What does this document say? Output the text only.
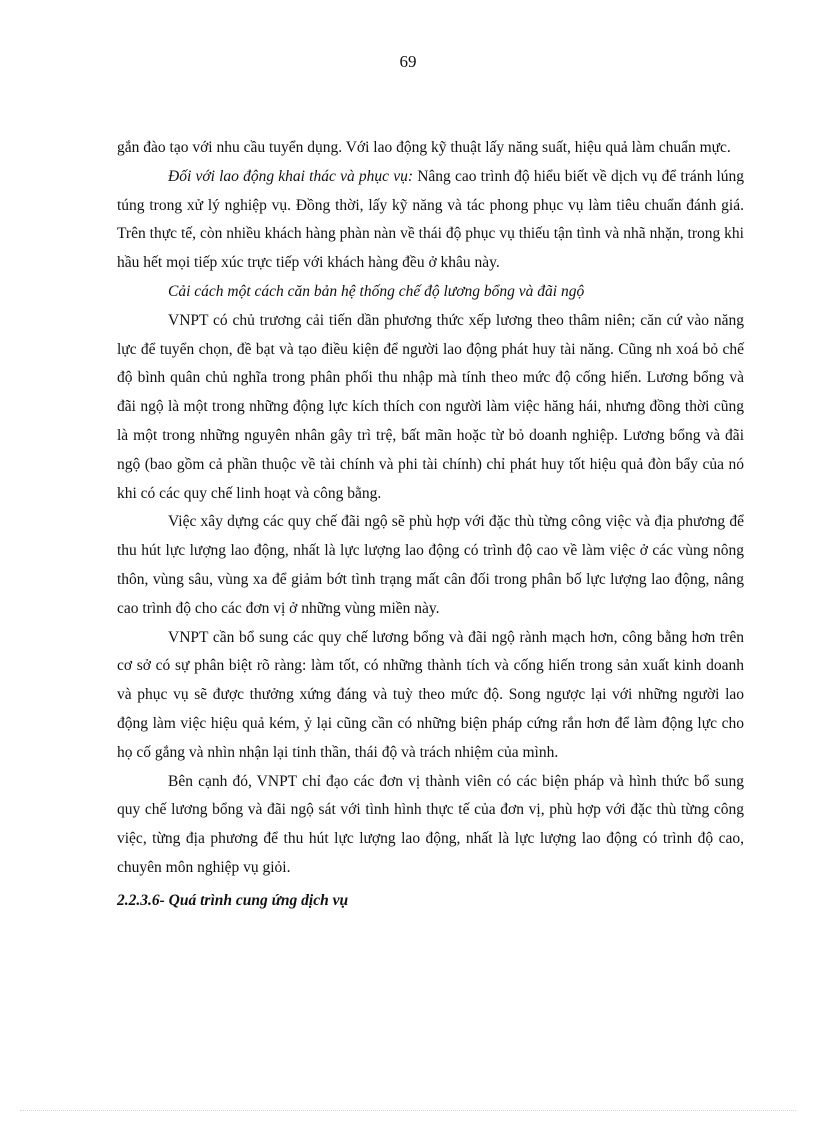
69

gắn đào tạo với nhu cầu tuyển dụng. Với lao động kỹ thuật lấy năng suất, hiệu quả làm chuẩn mực.

Đối với lao động khai thác và phục vụ: Nâng cao trình độ hiểu biết về dịch vụ để tránh lúng túng trong xử lý nghiệp vụ. Đồng thời, lấy kỹ năng và tác phong phục vụ làm tiêu chuẩn đánh giá. Trên thực tế, còn nhiều khách hàng phàn nàn về thái độ phục vụ thiếu tận tình và nhã nhặn, trong khi hầu hết mọi tiếp xúc trực tiếp với khách hàng đều ở khâu này.

Cải cách một cách căn bản hệ thống chế độ lương bổng và đãi ngộ

VNPT có chủ trương cải tiến dần phương thức xếp lương theo thâm niên; căn cứ vào năng lực để tuyển chọn, đề bạt và tạo điều kiện để người lao động phát huy tài năng. Cũng nh xoá bỏ chế độ bình quân chủ nghĩa trong phân phối thu nhập mà tính theo mức độ cống hiến. Lương bổng và đãi ngộ là một trong những động lực kích thích con người làm việc hăng hái, nhưng đồng thời cũng là một trong những nguyên nhân gây trì trệ, bất mãn hoặc từ bỏ doanh nghiệp. Lương bổng và đãi ngộ (bao gồm cả phần thuộc về tài chính và phi tài chính) chỉ phát huy tốt hiệu quả đòn bẩy của nó khi có các quy chế linh hoạt và công bằng.

Việc xây dựng các quy chế đãi ngộ sẽ phù hợp với đặc thù từng công việc và địa phương để thu hút lực lượng lao động, nhất là lực lượng lao động có trình độ cao về làm việc ở các vùng nông thôn, vùng sâu, vùng xa để giảm bớt tình trạng mất cân đối trong phân bố lực lượng lao động, nâng cao trình độ cho các đơn vị ở những vùng miền này.

VNPT cần bổ sung các quy chế lương bổng và đãi ngộ rành mạch hơn, công bằng hơn trên cơ sở có sự phân biệt rõ ràng: làm tốt, có những thành tích và cống hiến trong sản xuất kinh doanh và phục vụ sẽ được thưởng xứng đáng và tuỳ theo mức độ. Song ngược lại với những người lao động làm việc hiệu quả kém, ỷ lại cũng cần có những biện pháp cứng rắn hơn để làm động lực cho họ cố gắng và nhìn nhận lại tinh thần, thái độ và trách nhiệm của mình.

Bên cạnh đó, VNPT chỉ đạo các đơn vị thành viên có các biện pháp và hình thức bổ sung quy chế lương bổng và đãi ngộ sát với tình hình thực tế của đơn vị, phù hợp với đặc thù từng công việc, từng địa phương để thu hút lực lượng lao động, nhất là lực lượng lao động có trình độ cao, chuyên môn nghiệp vụ giỏi.

2.2.3.6- Quá trình cung ứng dịch vụ
